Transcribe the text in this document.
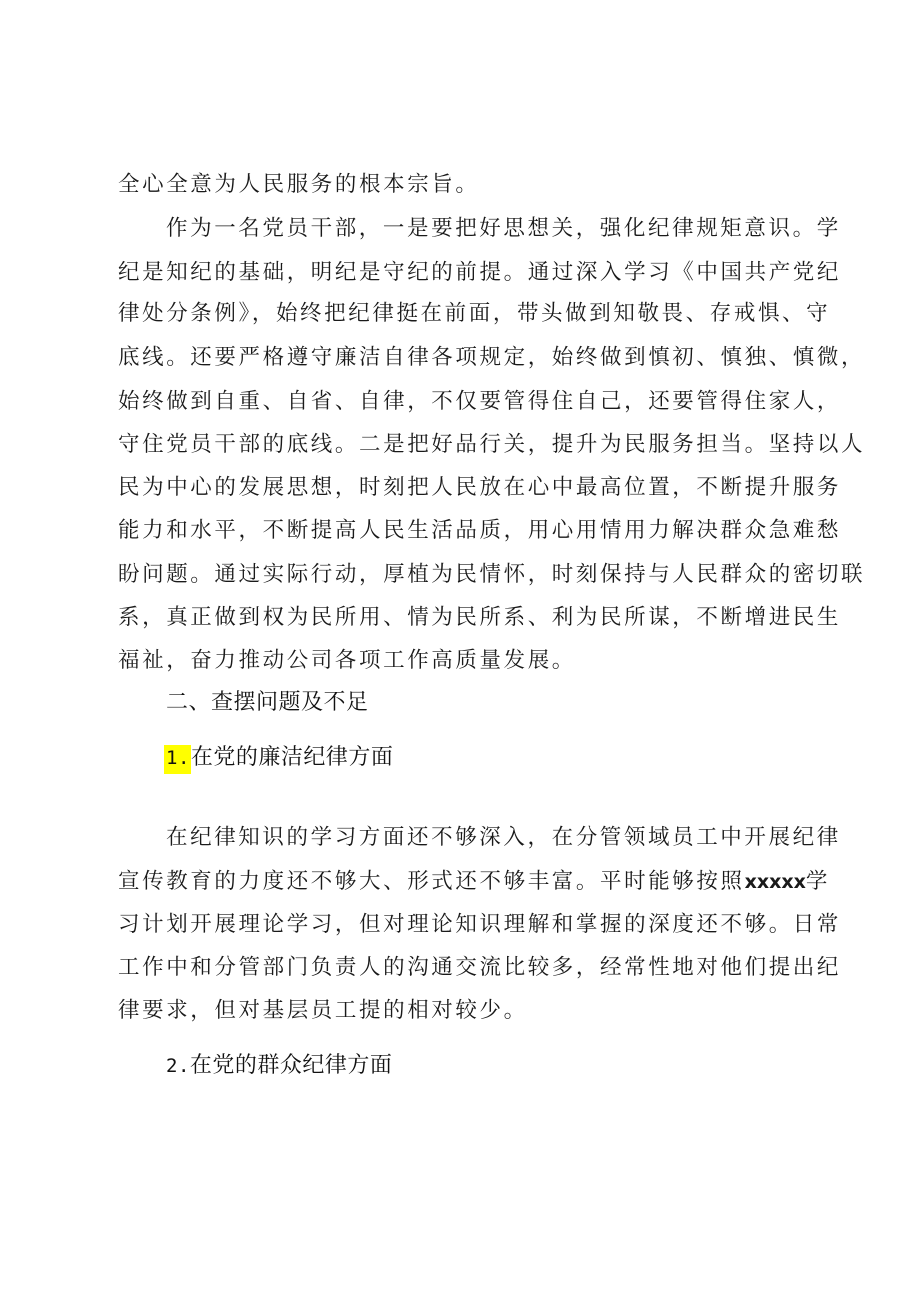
全心全意为人民服务的根本宗旨。
作为一名党员干部，一是要把好思想关，强化纪律规矩意识。学
纪是知纪的基础，明纪是守纪的前提。通过深入学习《中国共产党纪
律处分条例》，始终把纪律挺在前面，带头做到知敬畏、存戒惧、守
底线。还要严格遵守廉洁自律各项规定，始终做到慎初、慎独、慎微，
始终做到自重、自省、自律，不仅要管得住自己，还要管得住家人，
守住党员干部的底线。二是把好品行关，提升为民服务担当。坚持以人
民为中心的发展思想，时刻把人民放在心中最高位置，不断提升服务
能力和水平，不断提高人民生活品质，用心用情用力解决群众急难愁
盼问题。通过实际行动，厚植为民情怀，时刻保持与人民群众的密切联
系，真正做到权为民所用、情为民所系、利为民所谋，不断增进民生
福祉，奋力推动公司各项工作高质量发展。
二、查摆问题及不足
1.在党的廉洁纪律方面
在纪律知识的学习方面还不够深入，在分管领域员工中开展纪律
宣传教育的力度还不够大、形式还不够丰富。平时能够按照xxxxx学
习计划开展理论学习，但对理论知识理解和掌握的深度还不够。日常
工作中和分管部门负责人的沟通交流比较多，经常性地对他们提出纪
律要求，但对基层员工提的相对较少。
2.在党的群众纪律方面
